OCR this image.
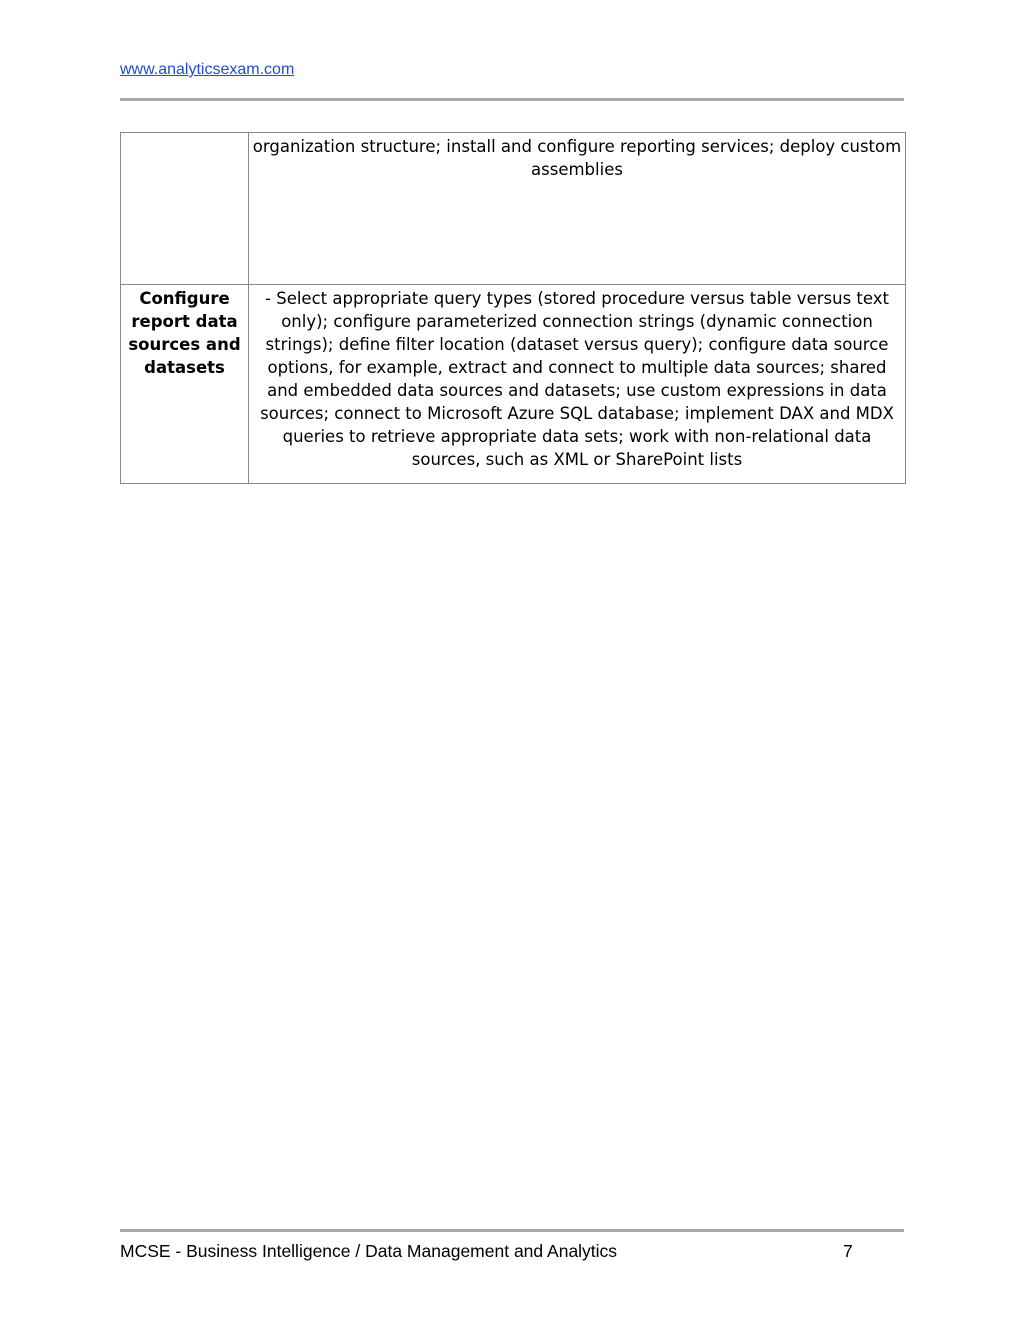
www.analyticsexam.com
	organization structure; install and configure reporting services; deploy custom assemblies
Configure report data sources and datasets	- Select appropriate query types (stored procedure versus table versus text only); configure parameterized connection strings (dynamic connection strings); define filter location (dataset versus query); configure data source options, for example, extract and connect to multiple data sources; shared and embedded data sources and datasets; use custom expressions in data sources; connect to Microsoft Azure SQL database; implement DAX and MDX queries to retrieve appropriate data sets; work with non-relational data sources, such as XML or SharePoint lists
MCSE - Business Intelligence / Data Management and Analytics	7
